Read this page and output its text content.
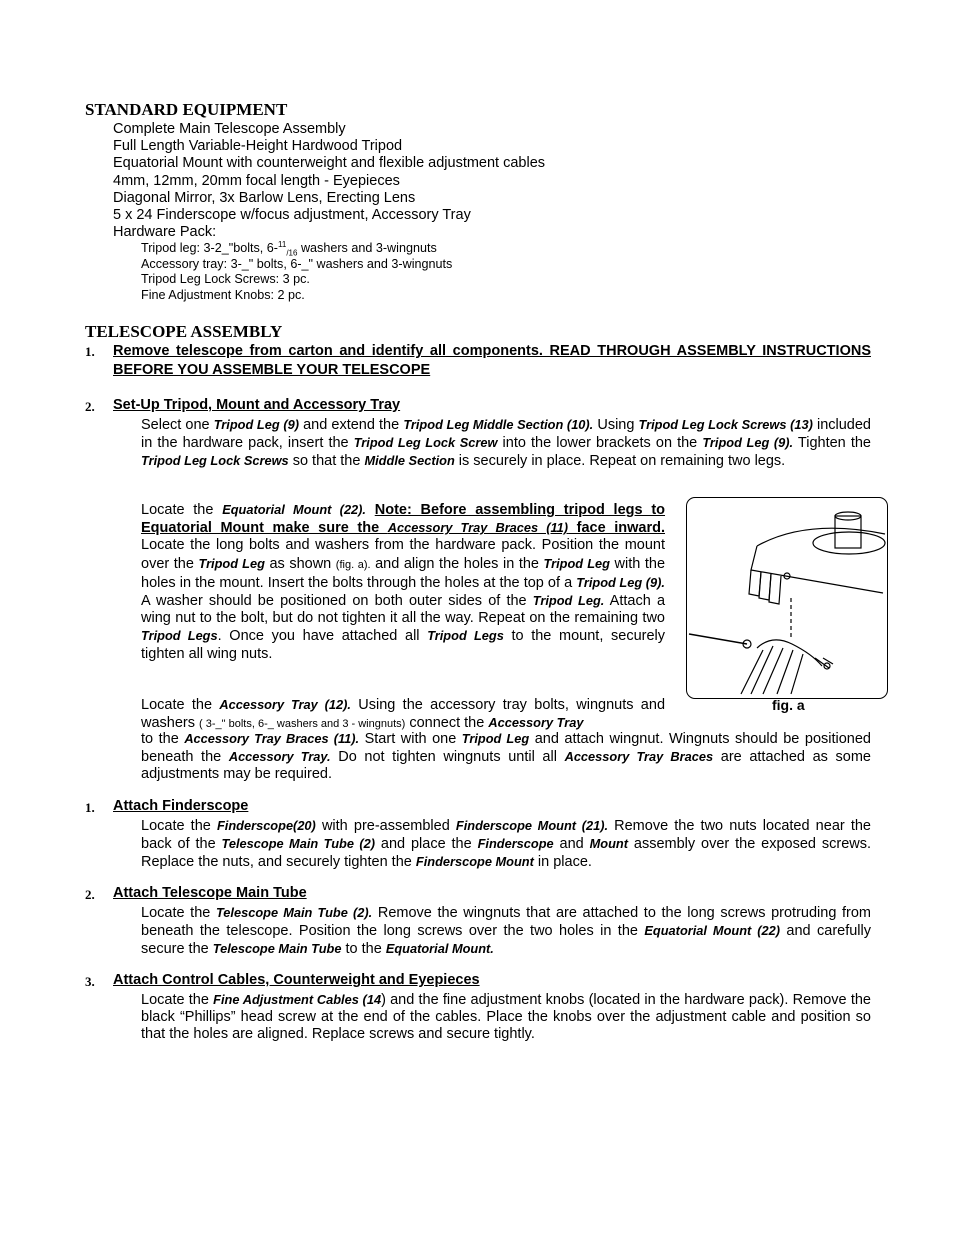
STANDARD EQUIPMENT
Complete Main Telescope Assembly
Full Length Variable-Height Hardwood Tripod
Equatorial Mount with counterweight and flexible adjustment cables
4mm, 12mm, 20mm focal length - Eyepieces
Diagonal Mirror, 3x Barlow Lens, Erecting Lens
5 x 24 Finderscope w/focus adjustment, Accessory Tray
Hardware Pack:
Tripod leg: 3-2_"bolts, 6-$^{11}_{/16}$ washers and 3-wingnuts
Accessory tray: 3-_" bolts, 6-_" washers and 3-wingnuts
Tripod Leg Lock Screws: 3 pc.
Fine Adjustment Knobs: 2 pc.
TELESCOPE ASSEMBLY
1. Remove telescope from carton and identify all components. READ THROUGH ASSEMBLY INSTRUCTIONS BEFORE YOU ASSEMBLE YOUR TELESCOPE
2. Set-Up Tripod, Mount and Accessory Tray
Select one Tripod Leg (9) and extend the Tripod Leg Middle Section (10). Using Tripod Leg Lock Screws (13) included in the hardware pack, insert the Tripod Leg Lock Screw into the lower brackets on the Tripod Leg (9). Tighten the Tripod Leg Lock Screws so that the Middle Section is securely in place. Repeat on remaining two legs.
Locate the Equatorial Mount (22). Note: Before assembling tripod legs to Equatorial Mount make sure the Accessory Tray Braces (11) face inward. Locate the long bolts and washers from the hardware pack. Position the mount over the Tripod Leg as shown (fig. a). and align the holes in the Tripod Leg with the holes in the mount. Insert the bolts through the holes at the top of a Tripod Leg (9). A washer should be positioned on both outer sides of the Tripod Leg. Attach a wing nut to the bolt, but do not tighten it all the way. Repeat on the remaining two Tripod Legs. Once you have attached all Tripod Legs to the mount, securely tighten all wing nuts.
fig. a
Locate the Accessory Tray (12). Using the accessory tray bolts, wingnuts and washers ( 3-_" bolts, 6-_ washers and 3 - wingnuts) connect the Accessory Tray
to the Accessory Tray Braces (11). Start with one Tripod Leg and attach wingnut. Wingnuts should be positioned beneath the Accessory Tray. Do not tighten wingnuts until all Accessory Tray Braces are attached as some adjustments may be required.
1. Attach Finderscope
Locate the Finderscope(20) with pre-assembled Finderscope Mount (21). Remove the two nuts located near the back of the Telescope Main Tube (2) and place the Finderscope and Mount assembly over the exposed screws. Replace the nuts, and securely tighten the Finderscope Mount in place.
2. Attach Telescope Main Tube
Locate the Telescope Main Tube (2). Remove the wingnuts that are attached to the long screws protruding from beneath the telescope. Position the long screws over the two holes in the Equatorial Mount (22) and carefully secure the Telescope Main Tube to the Equatorial Mount.
3. Attach Control Cables, Counterweight and Eyepieces
Locate the Fine Adjustment Cables (14) and the fine adjustment knobs (located in the hardware pack). Remove the black “Phillips” head screw at the end of the cables. Place the knobs over the adjustment cable and position so that the holes are aligned. Replace screws and secure tightly.
